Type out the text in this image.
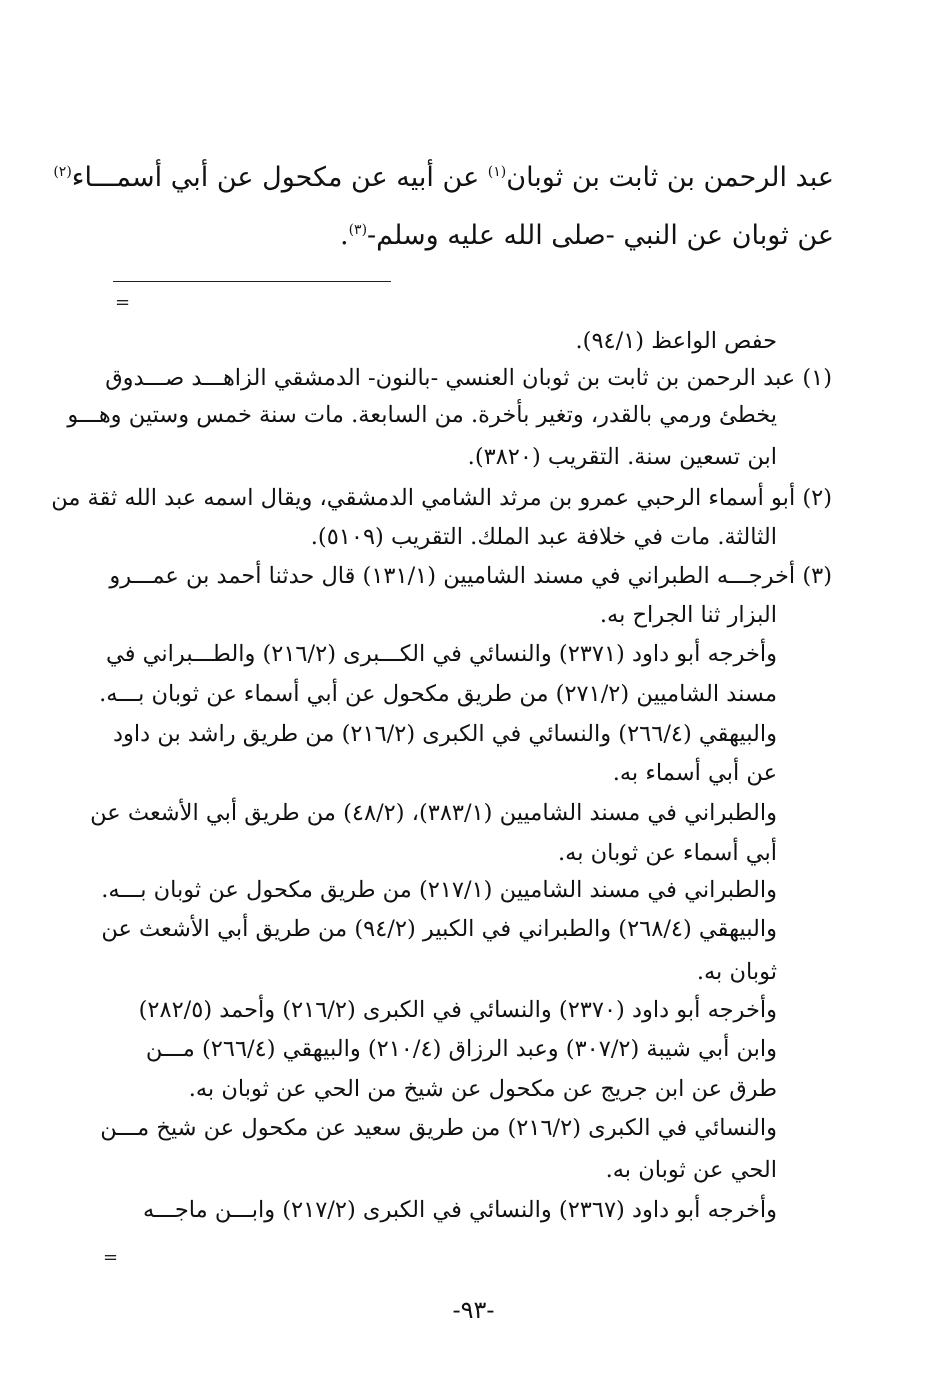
عبد الرحمن بن ثابت بن ثوبان$^{(١)}$ عن أبيه عن مكحول عن أبي أسمـــاء$^{(٢)}$
عن ثوبان عن النبي -صلى الله عليه وسلم-$^{(٣)}$.
=
حفص الواعظ (٩٤/١).
(١) عبد الرحمن بن ثابت بن ثوبان العنسي -بالنون- الدمشقي الزاهـــد صـــدوق
يخطئ ورمي بالقدر، وتغير بأخرة. من السابعة. مات سنة خمس وستين وهـــو
ابن تسعين سنة. التقريب (٣٨٢٠).
(٢) أبو أسماء الرحبي عمرو بن مرثد الشامي الدمشقي، ويقال اسمه عبد الله ثقة من
الثالثة. مات في خلافة عبد الملك. التقريب (٥١٠٩).
(٣) أخرجـــه الطبراني في مسند الشاميين (١٣١/١) قال حدثنا أحمد بن عمـــرو
البزار ثنا الجراح به.
وأخرجه أبو داود (٢٣٧١) والنسائي في الكـــبرى (٢١٦/٢) والطـــبراني في
مسند الشاميين (٢٧١/٢) من طريق مكحول عن أبي أسماء عن ثوبان بـــه.
والبيهقي (٢٦٦/٤) والنسائي في الكبرى (٢١٦/٢) من طريق راشد بن داود
عن أبي أسماء به.
والطبراني في مسند الشاميين (٣٨٣/١)، (٤٨/٢) من طريق أبي الأشعث عن
أبي أسماء عن ثوبان به.
والطبراني في مسند الشاميين (٢١٧/١) من طريق مكحول عن ثوبان بـــه.
والبيهقي (٢٦٨/٤) والطبراني في الكبير (٩٤/٢) من طريق أبي الأشعث عن
ثوبان به.
وأخرجه أبو داود (٢٣٧٠) والنسائي في الكبرى (٢١٦/٢) وأحمد (٢٨٢/٥)
وابن أبي شيبة (٣٠٧/٢) وعبد الرزاق (٢١٠/٤) والبيهقي (٢٦٦/٤) مـــن
طرق عن ابن جريج عن مكحول عن شيخ من الحي عن ثوبان به.
والنسائي في الكبرى (٢١٦/٢) من طريق سعيد عن مكحول عن شيخ مـــن
الحي عن ثوبان به.
وأخرجه أبو داود (٢٣٦٧) والنسائي في الكبرى (٢١٧/٢) وابـــن ماجـــه
=
-٩٣-
